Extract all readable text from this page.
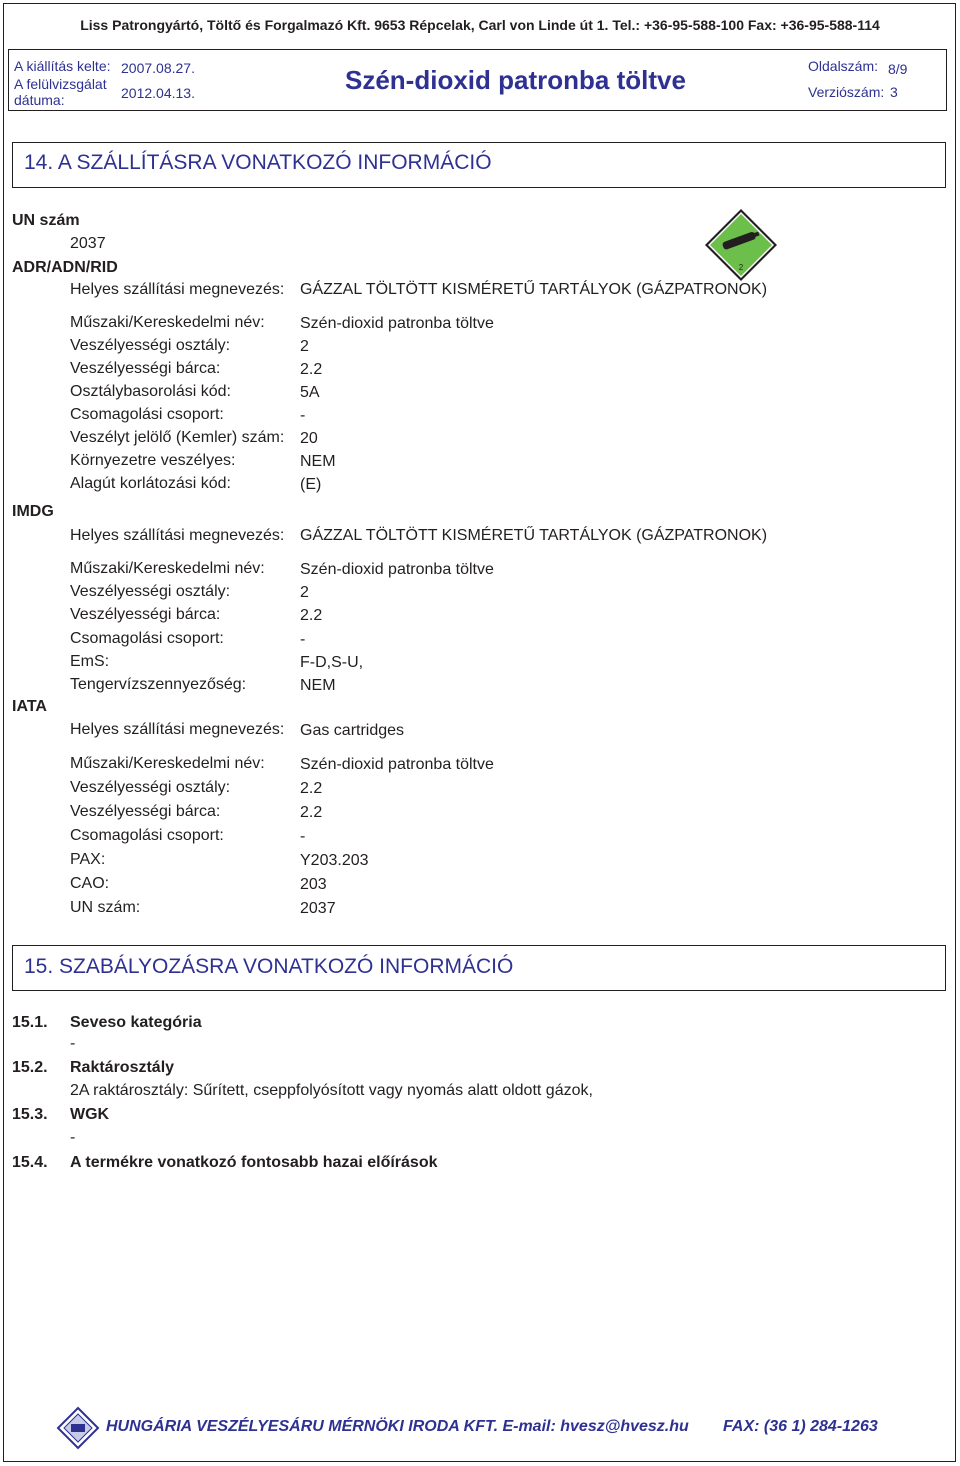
Liss Patrongyártó, Töltő és Forgalmazó Kft. 9653 Répcelak, Carl von Linde út 1. Tel.: +36-95-588-100 Fax: +36-95-588-114
A kiállítás kelte: 2007.08.27.
A felülvizsgálat
dátuma:	2012.04.13.	Szén-dioxid patronba töltve	Oldalszám: 8/9
Verziószám: 3
14. A SZÁLLÍTÁSRA VONATKOZÓ INFORMÁCIÓ
UN szám
2037
ADR/ADN/RID	2
Helyes szállítási megnevezés: GÁZZAL TÖLTÖTT KISMÉRETŰ TARTÁLYOK (GÁZPATRONOK)
Műszaki/Kereskedelmi név: Szén-dioxid patronba töltve
Veszélyességi osztály:	2
Veszélyességi bárca:	2.2
Osztálybasorolási kód:	5A
Csomagolási csoport:	-
Veszélyt jelölő (Kemler) szám: 20
Környezetre veszélyes:	NEM
Alagút korlátozási kód:	(E)
IMDG
Helyes szállítási megnevezés: GÁZZAL TÖLTÖTT KISMÉRETŰ TARTÁLYOK (GÁZPATRONOK)
Műszaki/Kereskedelmi név: Szén-dioxid patronba töltve
Veszélyességi osztály:	2
Veszélyességi bárca:	2.2
Csomagolási csoport:	-
EmS:	F-D,S-U,
Tengervízszennyezőség:	NEM
IATA
Helyes szállítási megnevezés: Gas cartridges
Műszaki/Kereskedelmi név: Szén-dioxid patronba töltve
Veszélyességi osztály:	2.2
Veszélyességi bárca:	2.2
Csomagolási csoport:	-
PAX:	Y203.203
CAO:	203
UN szám:	2037
15. SZABÁLYOZÁSRA VONATKOZÓ INFORMÁCIÓ
15.1. Seveso kategória
-
15.2. Raktárosztály
2A raktárosztály: Sűrített, cseppfolyósított vagy nyomás alatt oldott gázok,
15.3. WGK
-
15.4. A termékre vonatkozó fontosabb hazai előírások
HUNGÁRIA VESZÉLYESÁRU MÉRNÖKI IRODA KFT. E-mail: hvesz@hvesz.hu FAX: (36 1) 284-1263
